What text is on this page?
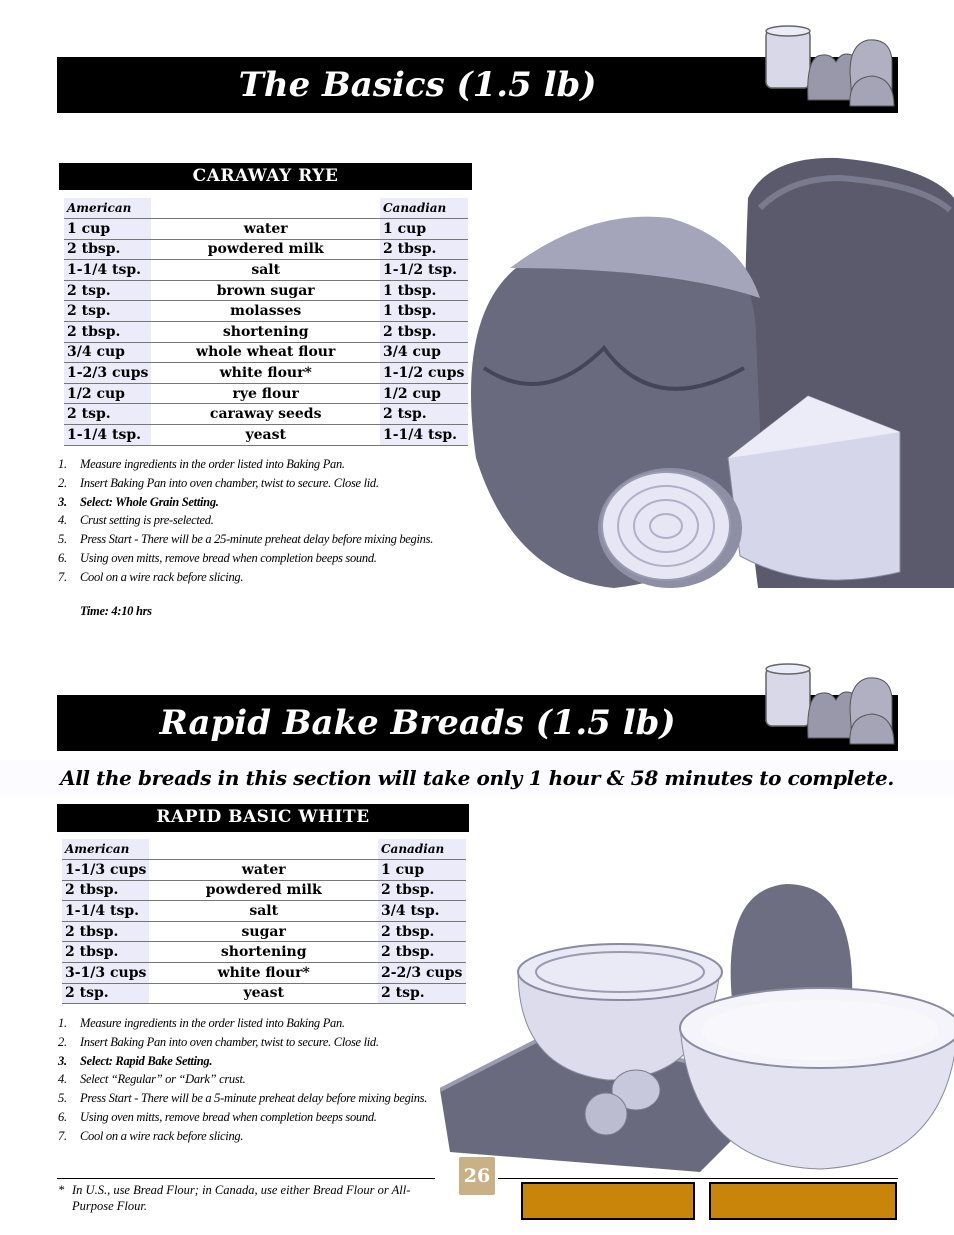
The Basics (1.5 lb)
CARAWAY RYE
American		Canadian
1 cup	water	1 cup
2 tbsp.	powdered milk	2 tbsp.
1-1/4 tsp.	salt	1-1/2 tsp.
2 tsp.	brown sugar	1 tbsp.
2 tsp.	molasses	1 tbsp.
2 tbsp.	shortening	2 tbsp.
3/4 cup	whole wheat flour	3/4 cup
1-2/3 cups	white flour*	1-1/2 cups
1/2 cup	rye flour	1/2 cup
2 tsp.	caraway seeds	2 tsp.
1-1/4 tsp.	yeast	1-1/4 tsp.
1. Measure ingredients in the order listed into Baking Pan.
2. Insert Baking Pan into oven chamber, twist to secure. Close lid.
3. Select: Whole Grain Setting.
4. Crust setting is pre-selected.
5. Press Start - There will be a 25-minute preheat delay before mixing begins.
6. Using oven mitts, remove bread when completion beeps sound.
7. Cool on a wire rack before slicing.
Time: 4:10 hrs
Rapid Bake Breads (1.5 lb)
All the breads in this section will take only 1 hour & 58 minutes to complete.
RAPID BASIC WHITE
American		Canadian
1-1/3 cups	water	1 cup
2 tbsp.	powdered milk	2 tbsp.
1-1/4 tsp.	salt	3/4 tsp.
2 tbsp.	sugar	2 tbsp.
2 tbsp.	shortening	2 tbsp.
3-1/3 cups	white flour*	2-2/3 cups
2 tsp.	yeast	2 tsp.
1. Measure ingredients in the order listed into Baking Pan.
2. Insert Baking Pan into oven chamber, twist to secure. Close lid.
3. Select: Rapid Bake Setting.
4. Select “Regular” or “Dark” crust.
5. Press Start - There will be a 5-minute preheat delay before mixing begins.
6. Using oven mitts, remove bread when completion beeps sound.
7. Cool on a wire rack before slicing.
* In U.S., use Bread Flour; in Canada, use either Bread Flour or All-Purpose Flour.
26
